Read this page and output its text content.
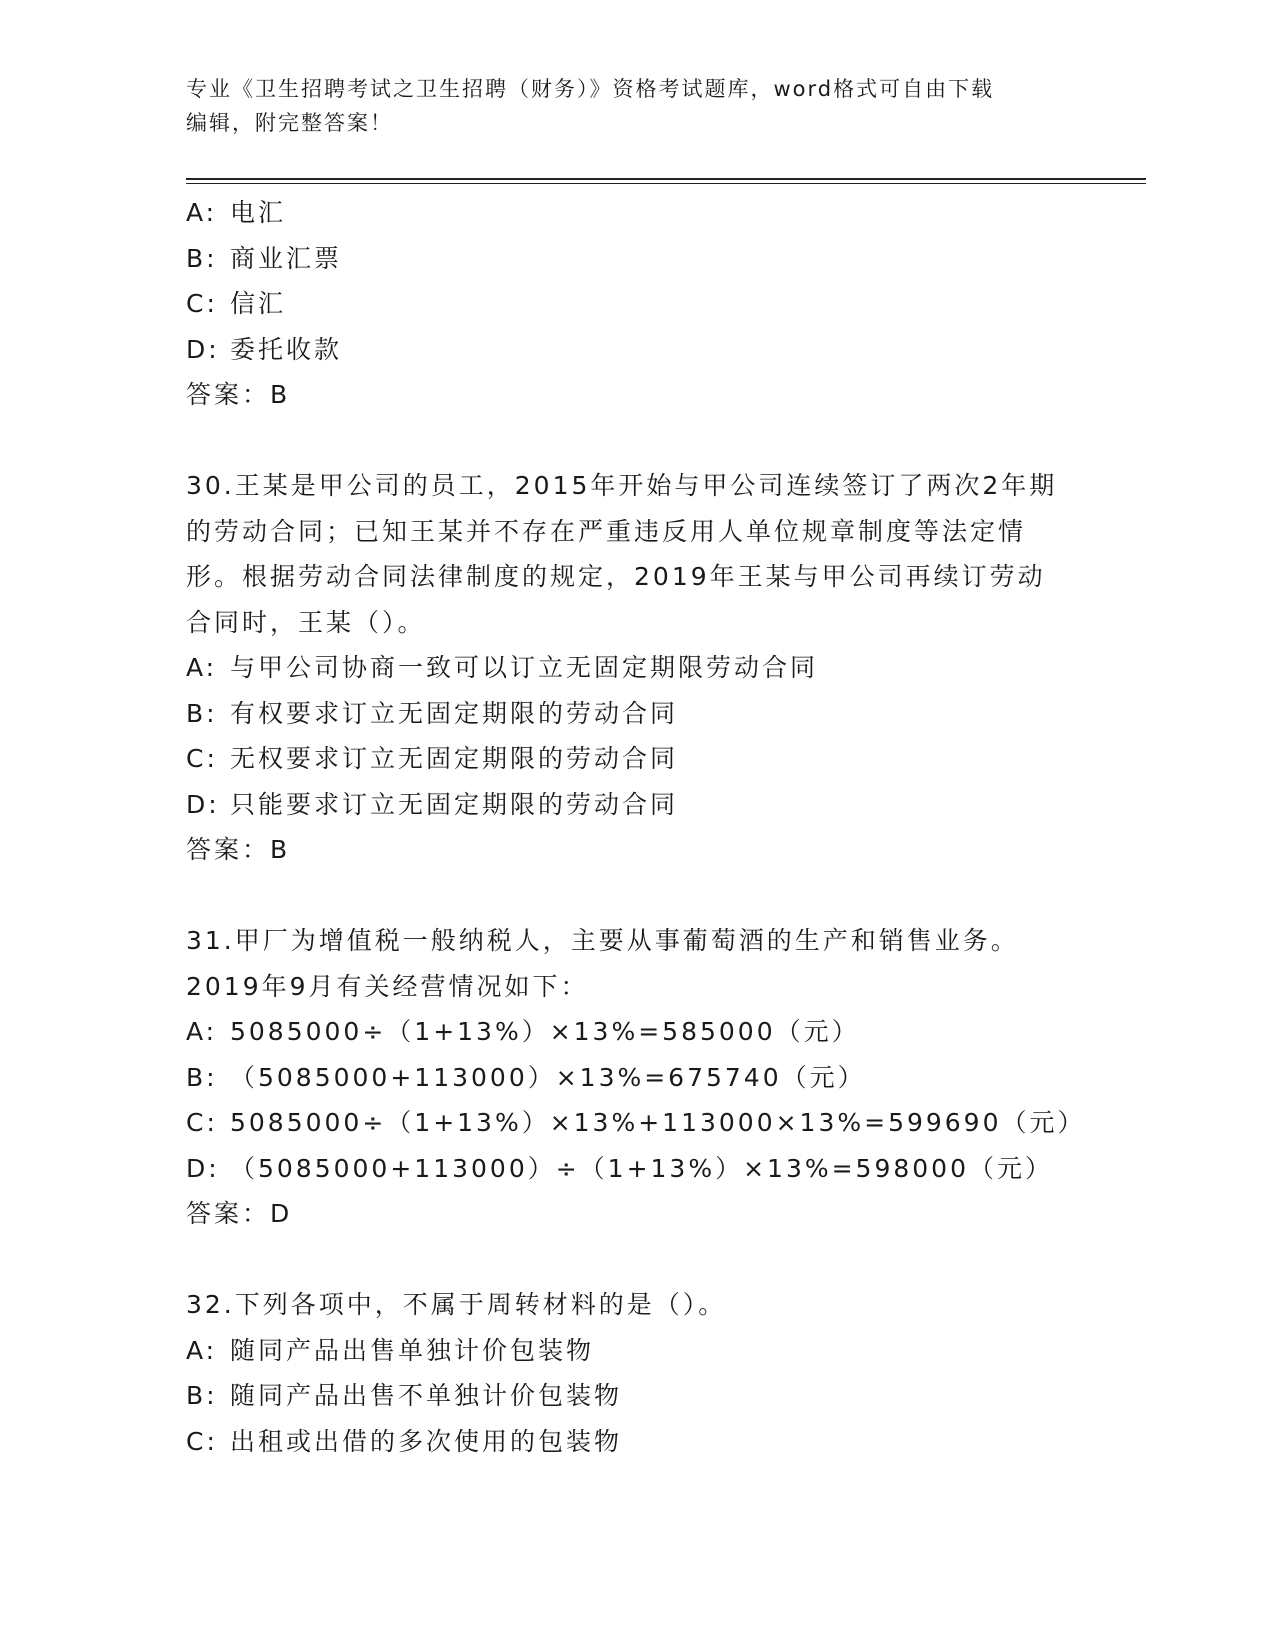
专业《卫生招聘考试之卫生招聘（财务）》资格考试题库，word格式可自由下载
编辑，附完整答案！
A: 电汇
B: 商业汇票
C: 信汇
D: 委托收款
答案：B
30.王某是甲公司的员工，2015年开始与甲公司连续签订了两次2年期
的劳动合同；已知王某并不存在严重违反用人单位规章制度等法定情
形。根据劳动合同法律制度的规定，2019年王某与甲公司再续订劳动
合同时，王某（）。
A: 与甲公司协商一致可以订立无固定期限劳动合同
B: 有权要求订立无固定期限的劳动合同
C: 无权要求订立无固定期限的劳动合同
D: 只能要求订立无固定期限的劳动合同
答案：B
31.甲厂为增值税一般纳税人，主要从事葡萄酒的生产和销售业务。
2019年9月有关经营情况如下：
A: 5085000÷（1+13%）×13%=585000（元）
B: （5085000+113000）×13%=675740（元）
C: 5085000÷（1+13%）×13%+113000×13%=599690（元）
D: （5085000+113000）÷（1+13%）×13%=598000（元）
答案：D
32.下列各项中，不属于周转材料的是（）。
A: 随同产品出售单独计价包装物
B: 随同产品出售不单独计价包装物
C: 出租或出借的多次使用的包装物
